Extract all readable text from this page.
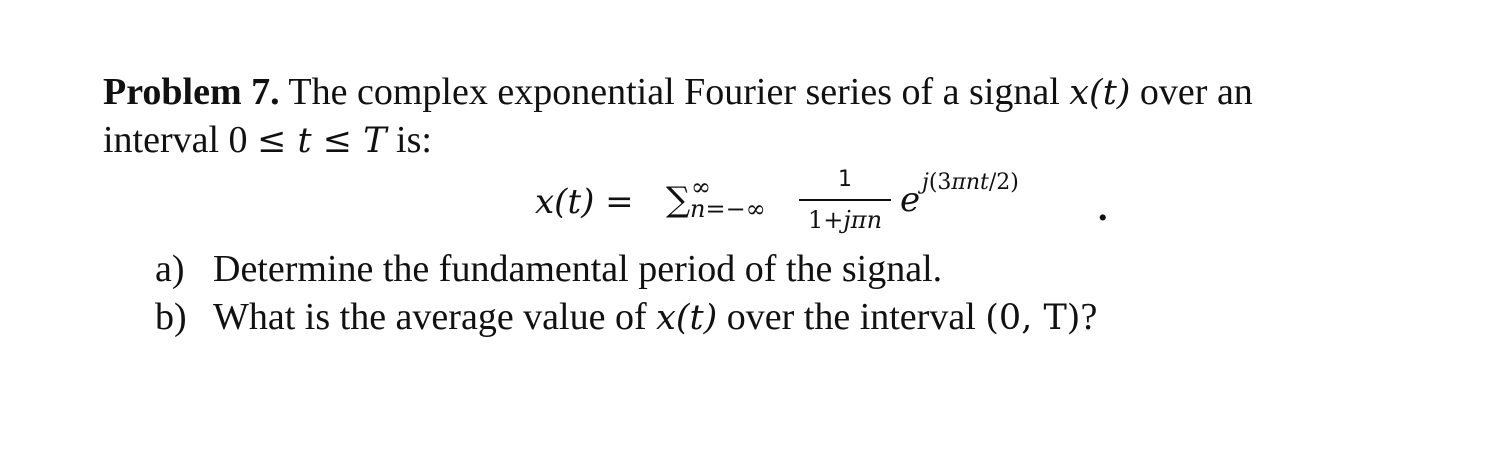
Problem 7. The complex exponential Fourier series of a signal x(t) over an
interval 0 ≤ t ≤ T is:
x(t) = ∑ ∞
n=−∞
1
1+jπn e j(3πnt/2)
.
a) Determine the fundamental period of the signal.
b) What is the average value of x(t) over the interval (0, T)?
